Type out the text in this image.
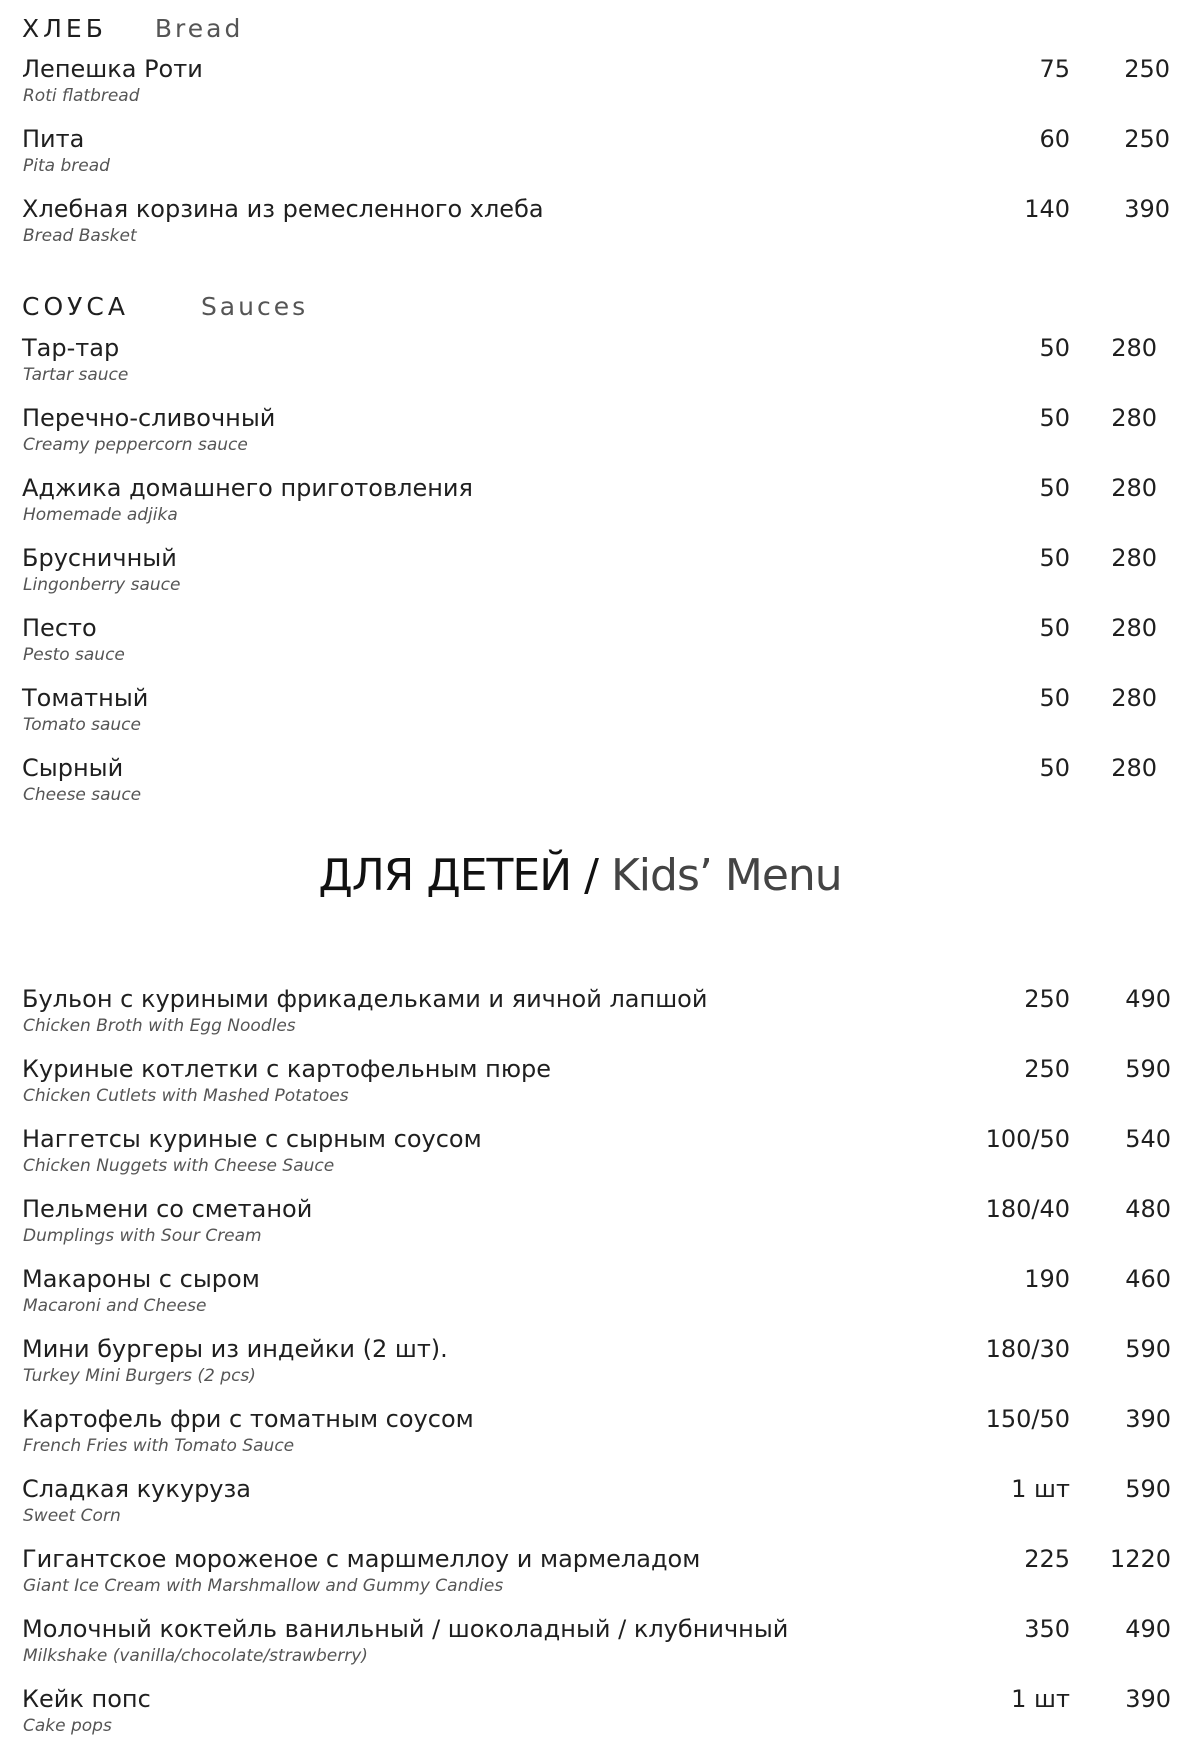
ХЛЕБ Bread
Лепешка Роти
Roti flatbread
75	250
Пита
Pita bread
60	250
Хлебная корзина из ремесленного хлеба
Bread Basket
140	390
СОУСА	Sauces
Тар-тар
Tartar sauce
50	280
Перечно-сливочный
Creamy peppercorn sauce
50	280
Аджика домашнего приготовления
Homemade adjika
50	280
Брусничный
Lingonberry sauce
50	280
Песто
Pesto sauce
50	280
Томатный
Tomato sauce
50	280
Сырный
Cheese sauce
50	280
ДЛЯ ДЕТЕЙ / Kids’ Menu
Бульон с куриными фрикадельками и яичной лапшой
Chicken Broth with Egg Noodles
250	490
Куриные котлетки с картофельным пюре
Chicken Cutlets with Mashed Potatoes
250	590
Наггетсы куриные с сырным соусом
Chicken Nuggets with Cheese Sauce
100/50	540
Пельмени со сметаной
Dumplings with Sour Cream
180/40	480
Макароны с сыром
Macaroni and Cheese
190	460
Мини бургеры из индейки (2 шт).
Turkey Mini Burgers (2 pcs)
180/30	590
Картофель фри с томатным соусом
French Fries with Tomato Sauce
150/50	390
Сладкая кукуруза
Sweet Corn
1 шт	590
Гигантское мороженое с маршмеллоу и мармеладом
Giant Ice Cream with Marshmallow and Gummy Candies
225	1220
Молочный коктейль ванильный / шоколадный / клубничный
Milkshake (vanilla/chocolate/strawberry)
350	490
Кейк попс
Cake pops
1 шт	390
